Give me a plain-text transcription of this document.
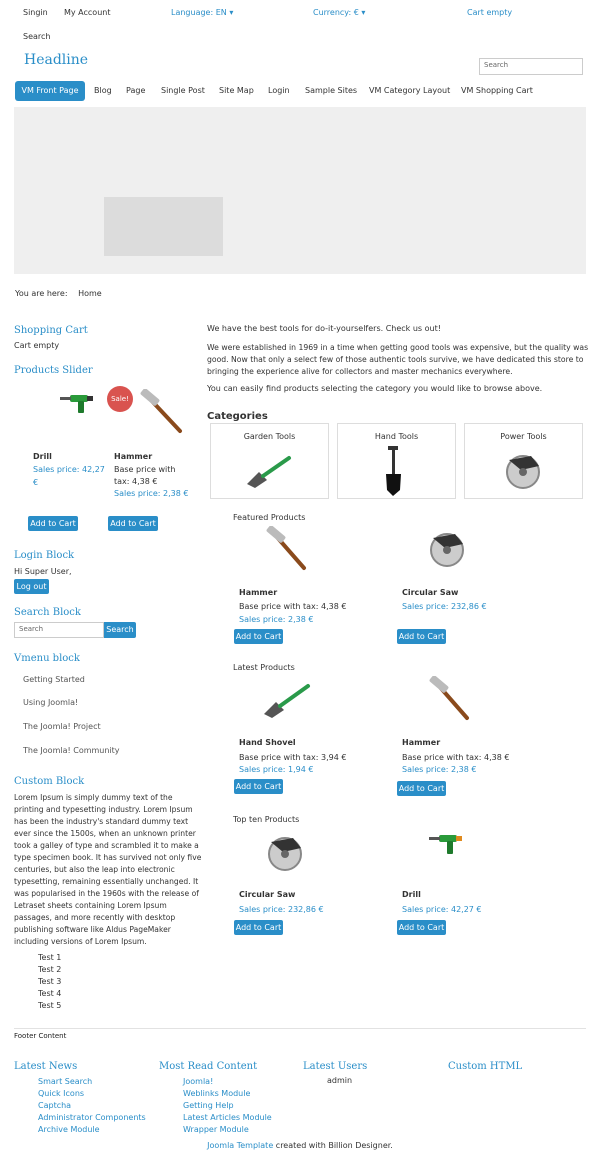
Singin My Account	Language: EN ▾	Currency: € ▾	Cart empty
Search
Headline	Search
VM Front Page	Blog Page Single Post Site Map Login Sample Sites VM Category Layout VM Shopping Cart
You are here: Home
Shopping Cart
Cart empty
Products Slider
Sale!
Drill
Sales price: 42,27
€
Add to Cart
Hammer
Base price with
tax: 4,38 €
Sales price: 2,38 €
Add to Cart
Login Block
Hi Super User,
Log out
Search Block
Search	Search
Vmenu block
Getting Started
Using Joomla!
The Joomla! Project
The Joomla! Community
Custom Block
Lorem Ipsum is simply dummy text of the
printing and typesetting industry. Lorem Ipsum
has been the industry's standard dummy text
ever since the 1500s, when an unknown printer
took a galley of type and scrambled it to make a
type specimen book. It has survived not only five
centuries, but also the leap into electronic
typesetting, remaining essentially unchanged. It
was popularised in the 1960s with the release of
Letraset sheets containing Lorem Ipsum
passages, and more recently with desktop
publishing software like Aldus PageMaker
including versions of Lorem Ipsum.
Test 1
Test 2
Test 3
Test 4
Test 5
We have the best tools for do-it-yourselfers. Check us out!
We were established in 1969 in a time when getting good tools was expensive, but the quality was
good. Now that only a select few of those authentic tools survive, we have dedicated this store to
bringing the experience alive for collectors and master mechanics everywhere.
You can easily find products selecting the category you would like to browse above.
Categories
Garden Tools	Hand Tools	Power Tools
Featured Products
Hammer
Base price with tax: 4,38 €
Sales price: 2,38 €
Add to Cart
Circular Saw
Sales price: 232,86 €
Add to Cart
Latest Products
Hand Shovel
Base price with tax: 3,94 €
Sales price: 1,94 €
Add to Cart
Hammer
Base price with tax: 4,38 €
Sales price: 2,38 €
Add to Cart
Top ten Products
Circular Saw
Sales price: 232,86 €
Add to Cart
Drill
Sales price: 42,27 €
Add to Cart
Footer Content
Latest News
Smart Search
Quick Icons
Captcha
Administrator Components
Archive Module
Most Read Content
Joomla!
Weblinks Module
Getting Help
Latest Articles Module
Wrapper Module
Latest Users
admin
Custom HTML
Joomla Template created with Billion Designer.
